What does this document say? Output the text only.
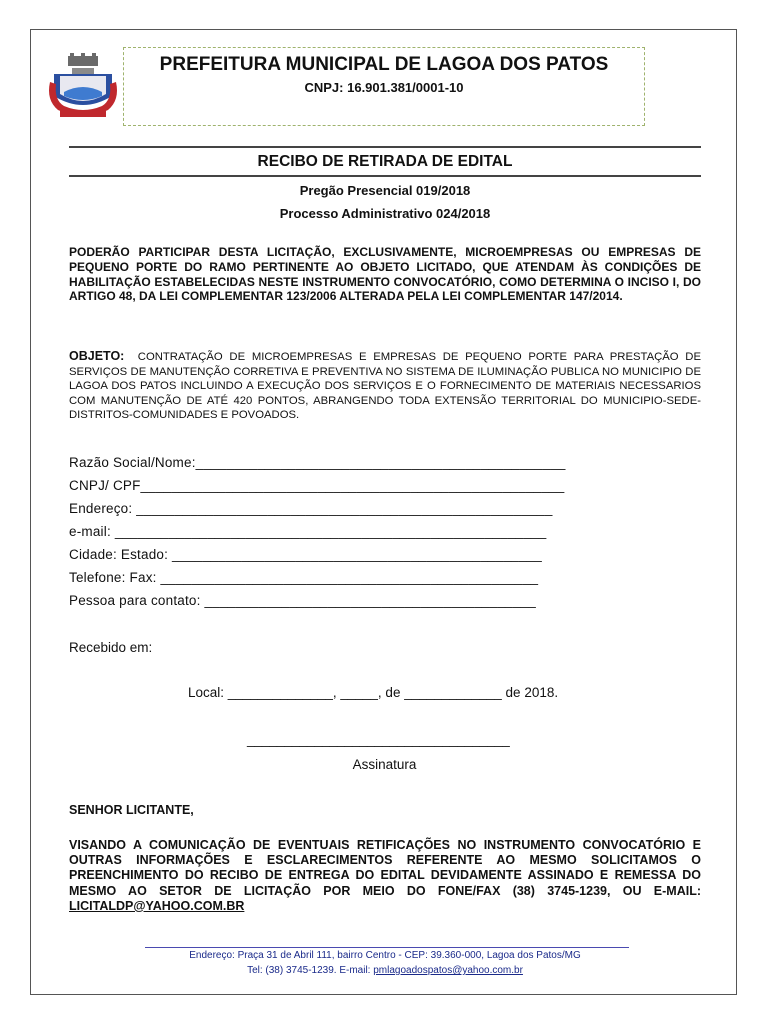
PREFEITURA MUNICIPAL DE LAGOA DOS PATOS
CNPJ: 16.901.381/0001-10
RECIBO DE RETIRADA DE EDITAL
Pregão Presencial 019/2018
Processo Administrativo 024/2018
PODERÃO PARTICIPAR DESTA LICITAÇÃO, EXCLUSIVAMENTE, MICROEMPRESAS OU EMPRESAS DE PEQUENO PORTE DO RAMO PERTINENTE AO OBJETO LICITADO, QUE ATENDAM ÀS CONDIÇÕES DE HABILITAÇÃO ESTABELECIDAS NESTE INSTRUMENTO CONVOCATÓRIO, COMO DETERMINA O INCISO I, DO ARTIGO 48, DA LEI COMPLEMENTAR 123/2006 ALTERADA PELA LEI COMPLEMENTAR 147/2014.
OBJETO: CONTRATAÇÃO DE MICROEMPRESAS E EMPRESAS DE PEQUENO PORTE PARA PRESTAÇÃO DE SERVIÇOS DE MANUTENÇÃO CORRETIVA E PREVENTIVA NO SISTEMA DE ILUMINAÇÃO PUBLICA NO MUNICIPIO DE LAGOA DOS PATOS INCLUINDO A EXECUÇÃO DOS SERVIÇOS E O FORNECIMENTO DE MATERIAIS NECESSARIOS COM MANUTENÇÃO DE ATÉ 420 PONTOS, ABRANGENDO TODA EXTENSÃO TERRITORIAL DO MUNICIPIO-SEDE-DISTRITOS-COMUNIDADES E POVOADOS.
Razão Social/Nome:________________________________________________
CNPJ/ CPF_______________________________________________________
Endereço: ______________________________________________________
e-mail: ________________________________________________________
Cidade: Estado: ________________________________________________
Telefone: Fax: _________________________________________________
Pessoa para contato: ___________________________________________
Recebido em:
Local: ______________, _____, de _____________ de 2018.
___________________________________
Assinatura
SENHOR LICITANTE,
VISANDO A COMUNICAÇÃO DE EVENTUAIS RETIFICAÇÕES NO INSTRUMENTO CONVOCATÓRIO E OUTRAS INFORMAÇÕES E ESCLARECIMENTOS REFERENTE AO MESMO SOLICITAMOS O PREENCHIMENTO DO RECIBO DE ENTREGA DO EDITAL DEVIDAMENTE ASSINADO E REMESSA DO MESMO AO SETOR DE LICITAÇÃO POR MEIO DO FONE/FAX (38) 3745-1239, OU E-MAIL: LICITALDP@YAHOO.COM.BR
Endereço: Praça 31 de Abril 111, bairro Centro - CEP: 39.360-000, Lagoa dos Patos/MG
Tel: (38) 3745-1239. E-mail: pmlagoadospatos@yahoo.com.br
